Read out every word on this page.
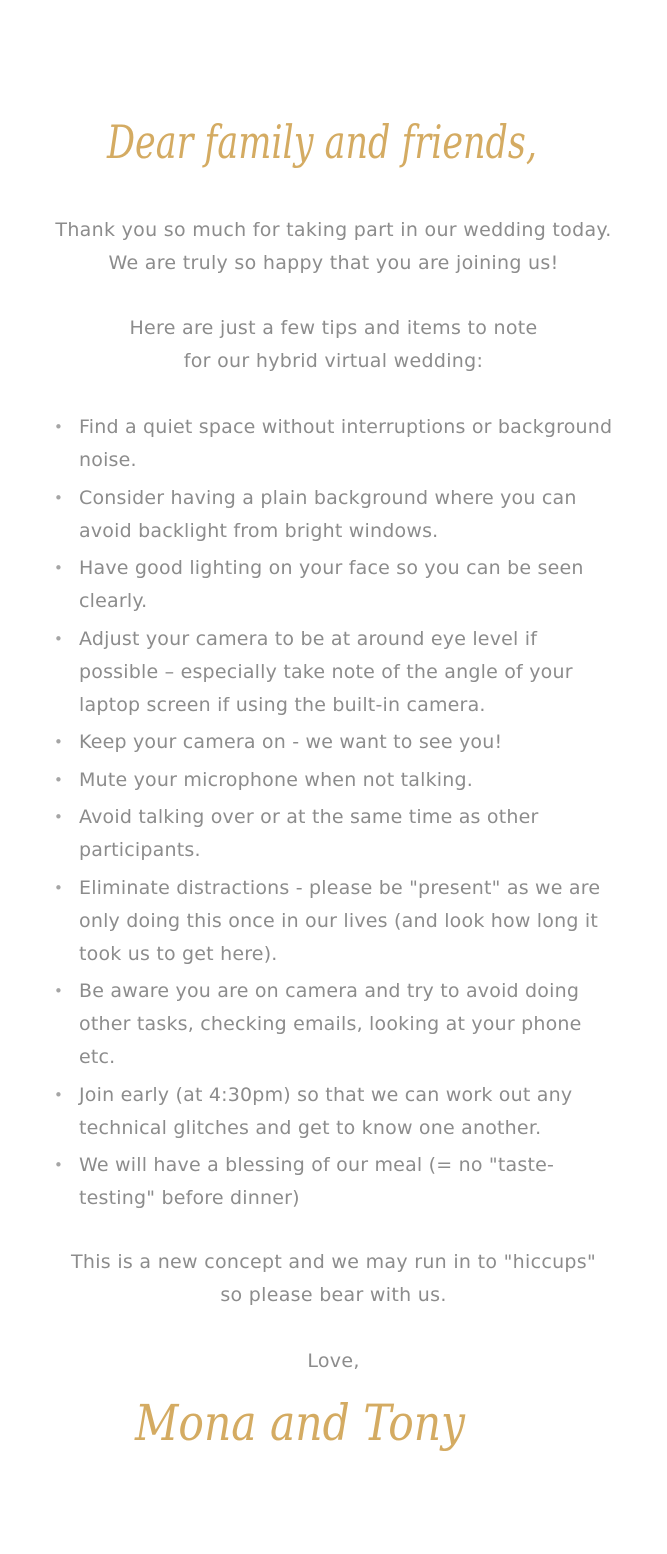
Dear family and friends,

Thank you so much for taking part in our wedding today.
We are truly so happy that you are joining us!

Here are just a few tips and items to note
for our hybrid virtual wedding:

• Find a quiet space without interruptions or background noise.
• Consider having a plain background where you can avoid backlight from bright windows.
• Have good lighting on your face so you can be seen clearly.
• Adjust your camera to be at around eye level if possible – especially take note of the angle of your laptop screen if using the built-in camera.
• Keep your camera on - we want to see you!
• Mute your microphone when not talking.
• Avoid talking over or at the same time as other participants.
• Eliminate distractions - please be "present" as we are only doing this once in our lives (and look how long it took us to get here).
• Be aware you are on camera and try to avoid doing other tasks, checking emails, looking at your phone etc.
• Join early (at 4:30pm) so that we can work out any technical glitches and get to know one another.
• We will have a blessing of our meal (= no "taste-testing" before dinner)

This is a new concept and we may run in to "hiccups"
so please bear with us.

Love,

Mona and Tony
